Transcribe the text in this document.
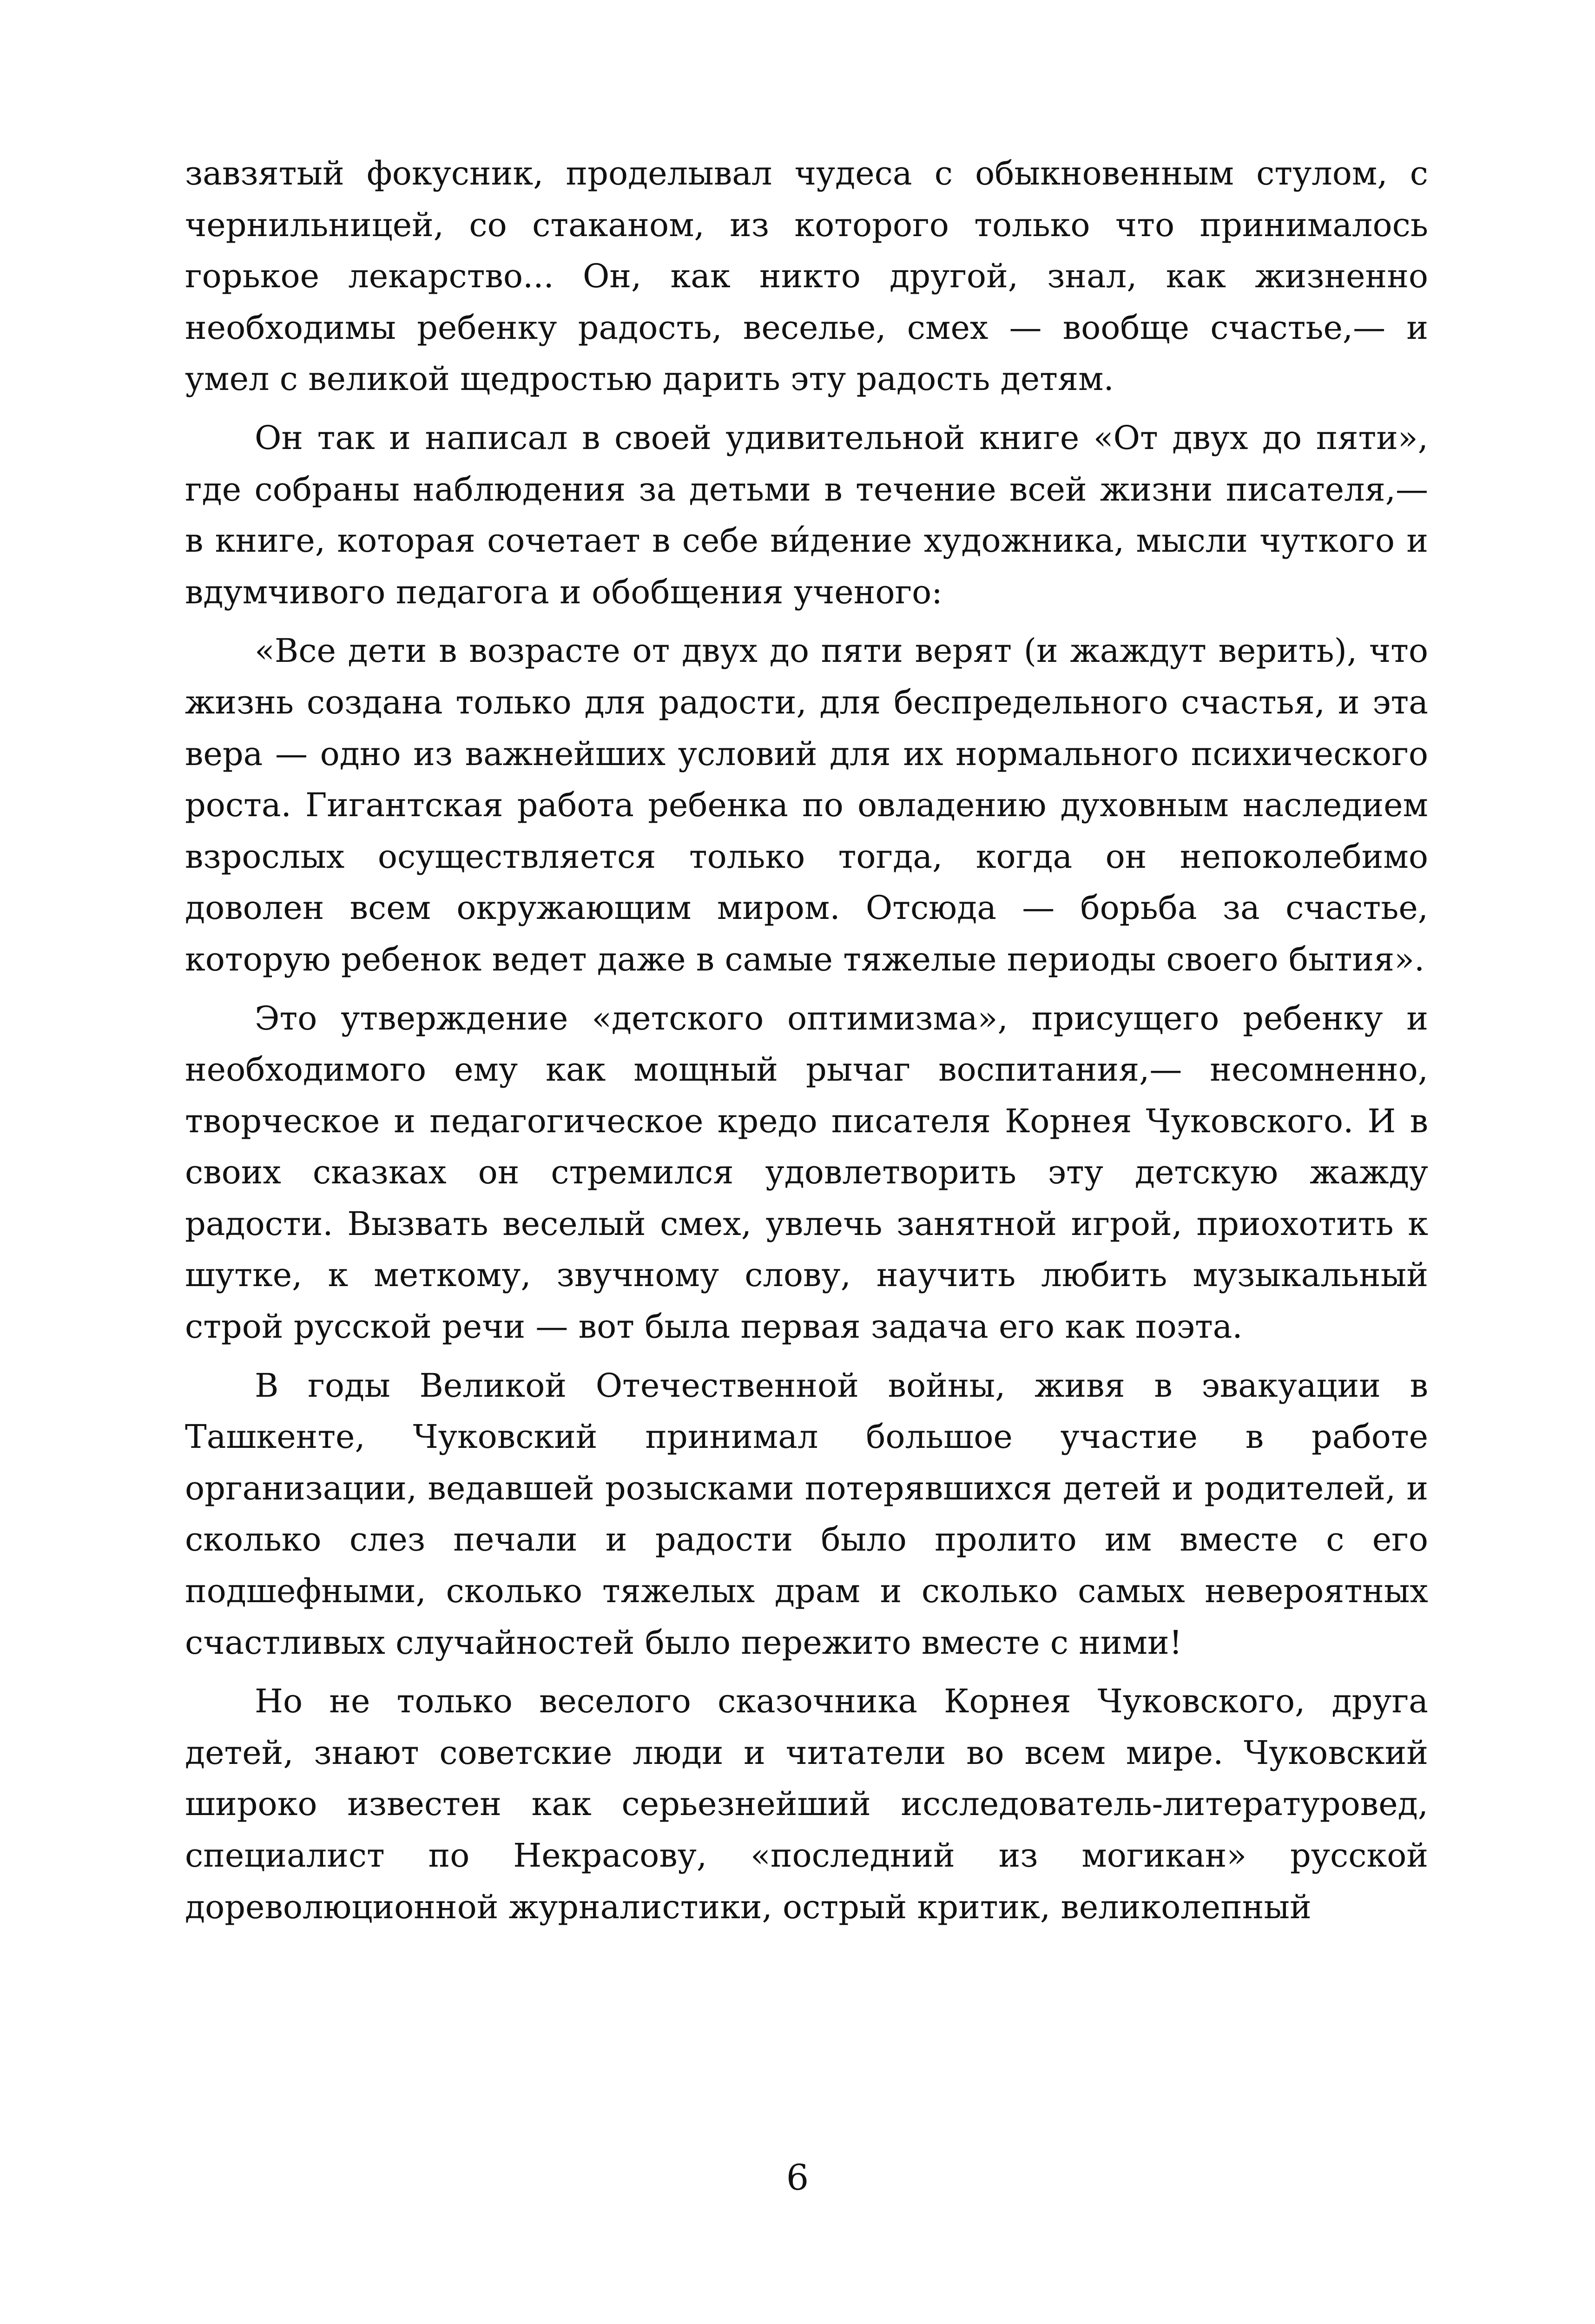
завзятый фокусник, проделывал чудеса с обыкновенным стулом, с чернильницей, со стаканом, из которого только что принималось горькое лекарство... Он, как никто другой, знал, как жизненно необходимы ребенку радость, веселье, смех — вообще счастье,— и умел с великой щедростью дарить эту радость детям.

Он так и написал в своей удивительной книге «От двух до пяти», где собраны наблюдения за детьми в течение всей жизни писателя,— в книге, которая сочетает в себе ви́дение художника, мысли чуткого и вдумчивого педагога и обобщения ученого:

«Все дети в возрасте от двух до пяти верят (и жаждут верить), что жизнь создана только для радости, для беспредельного счастья, и эта вера — одно из важнейших условий для их нормального психического роста. Гигантская работа ребенка по овладению духовным наследием взрослых осуществляется только тогда, когда он непоколебимо доволен всем окружающим миром. Отсюда — борьба за счастье, которую ребенок ведет даже в самые тяжелые периоды своего бытия».

Это утверждение «детского оптимизма», присущего ребенку и необходимого ему как мощный рычаг воспитания,— несомненно, творческое и педагогическое кредо писателя Корнея Чуковского. И в своих сказках он стремился удовлетворить эту детскую жажду радости. Вызвать веселый смех, увлечь занятной игрой, приохотить к шутке, к меткому, звучному слову, научить любить музыкальный строй русской речи — вот была первая задача его как поэта.

В годы Великой Отечественной войны, живя в эвакуации в Ташкенте, Чуковский принимал большое участие в работе организации, ведавшей розысками потерявшихся детей и родителей, и сколько слез печали и радости было пролито им вместе с его подшефными, сколько тяжелых драм и сколько самых невероятных счастливых случайностей было пережито вместе с ними!

Но не только веселого сказочника Корнея Чуковского, друга детей, знают советские люди и читатели во всем мире. Чуковский широко известен как серьезнейший исследователь-литературовед, специалист по Некрасову, «последний из могикан» русской дореволюционной журналистики, острый критик, великолепный

6
